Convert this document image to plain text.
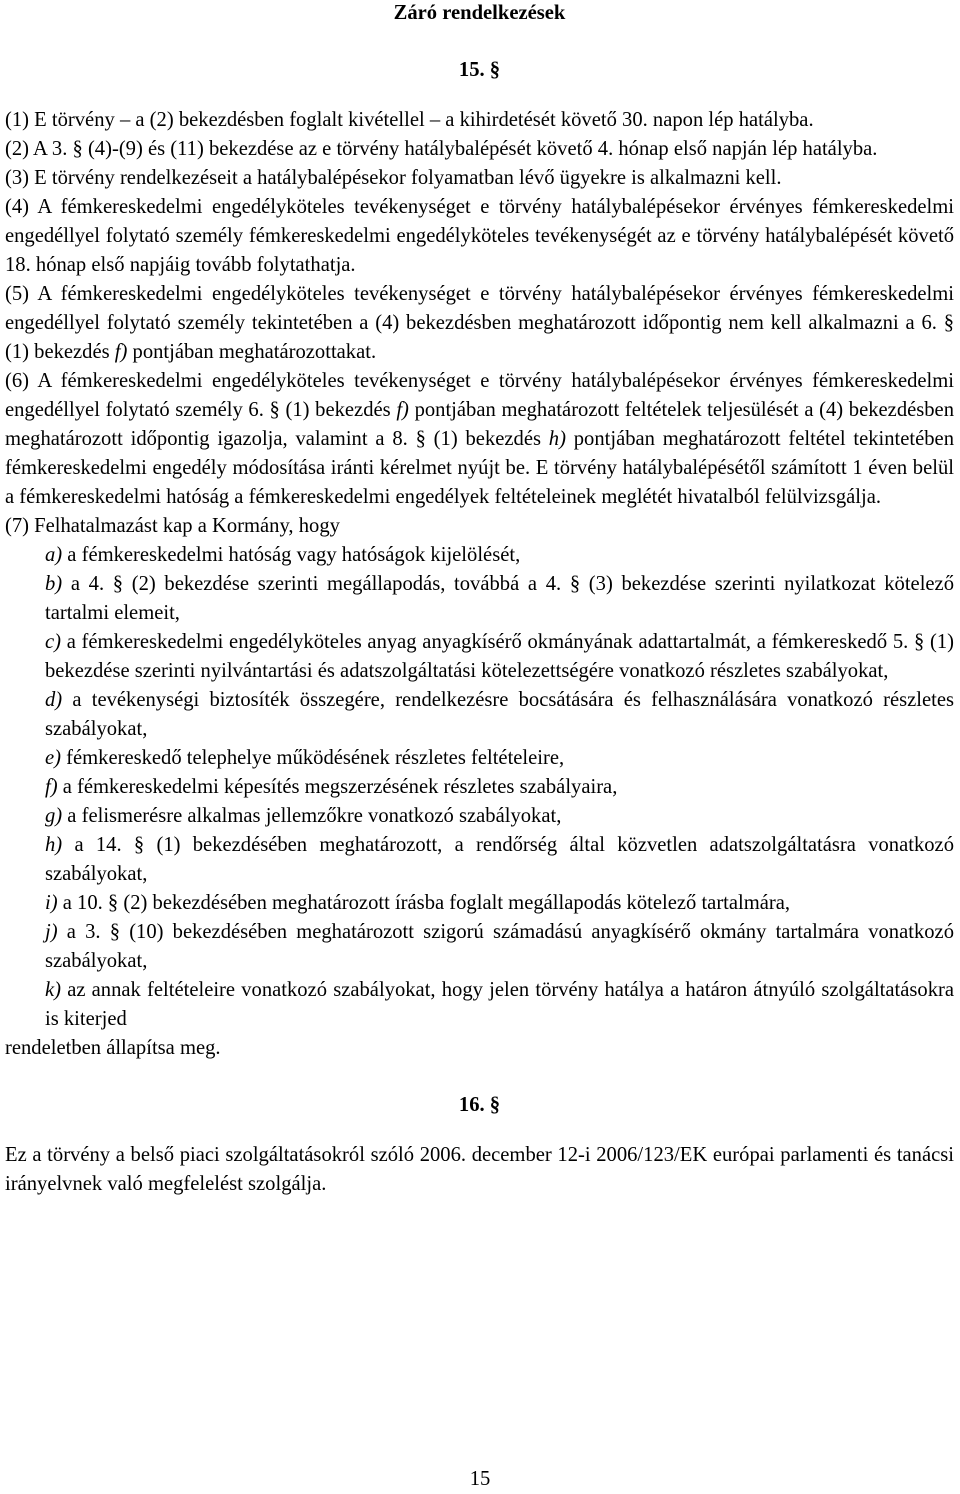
Záró rendelkezések
15. §
(1) E törvény – a (2) bekezdésben foglalt kivétellel – a kihirdetését követő 30. napon lép hatályba.
(2) A 3. § (4)-(9) és (11) bekezdése az e törvény hatálybalépését követő 4. hónap első napján lép hatályba.
(3) E törvény rendelkezéseit a hatálybalépésekor folyamatban lévő ügyekre is alkalmazni kell.
(4) A fémkereskedelmi engedélyköteles tevékenységet e törvény hatálybalépésekor érvényes fémkereskedelmi engedéllyel folytató személy fémkereskedelmi engedélyköteles tevékenységét az e törvény hatálybalépését követő 18. hónap első napjáig tovább folytathatja.
(5) A fémkereskedelmi engedélyköteles tevékenységet e törvény hatálybalépésekor érvényes fémkereskedelmi engedéllyel folytató személy tekintetében a (4) bekezdésben meghatározott időpontig nem kell alkalmazni a 6. § (1) bekezdés f) pontjában meghatározottakat.
(6) A fémkereskedelmi engedélyköteles tevékenységet e törvény hatálybalépésekor érvényes fémkereskedelmi engedéllyel folytató személy 6. § (1) bekezdés f) pontjában meghatározott feltételek teljesülését a (4) bekezdésben meghatározott időpontig igazolja, valamint a 8. § (1) bekezdés h) pontjában meghatározott feltétel tekintetében fémkereskedelmi engedély módosítása iránti kérelmet nyújt be. E törvény hatálybalépésétől számított 1 éven belül a fémkereskedelmi hatóság a fémkereskedelmi engedélyek feltételeinek meglétét hivatalból felülvizsgálja.
(7) Felhatalmazást kap a Kormány, hogy
a) a fémkereskedelmi hatóság vagy hatóságok kijelölését,
b) a 4. § (2) bekezdése szerinti megállapodás, továbbá a 4. § (3) bekezdése szerinti nyilatkozat kötelező tartalmi elemeit,
c) a fémkereskedelmi engedélyköteles anyag anyagkísérő okmányának adattartalmát, a fémkereskedő 5. § (1) bekezdése szerinti nyilvántartási és adatszolgáltatási kötelezettségére vonatkozó részletes szabályokat,
d) a tevékenységi biztosíték összegére, rendelkezésre bocsátására és felhasználására vonatkozó részletes szabályokat,
e) fémkereskedő telephelye működésének részletes feltételeire,
f) a fémkereskedelmi képesítés megszerzésének részletes szabályaira,
g) a felismerésre alkalmas jellemzőkre vonatkozó szabályokat,
h) a 14. § (1) bekezdésében meghatározott, a rendőrség által közvetlen adatszolgáltatásra vonatkozó szabályokat,
i) a 10. § (2) bekezdésében meghatározott írásba foglalt megállapodás kötelező tartalmára,
j) a 3. § (10) bekezdésében meghatározott szigorú számadású anyagkísérő okmány tartalmára vonatkozó szabályokat,
k) az annak feltételeire vonatkozó szabályokat, hogy jelen törvény hatálya a határon átnyúló szolgáltatásokra is kiterjed
rendeletben állapítsa meg.
16. §
Ez a törvény a belső piaci szolgáltatásokról szóló 2006. december 12-i 2006/123/EK európai parlamenti és tanácsi irányelvnek való megfelelést szolgálja.
15
